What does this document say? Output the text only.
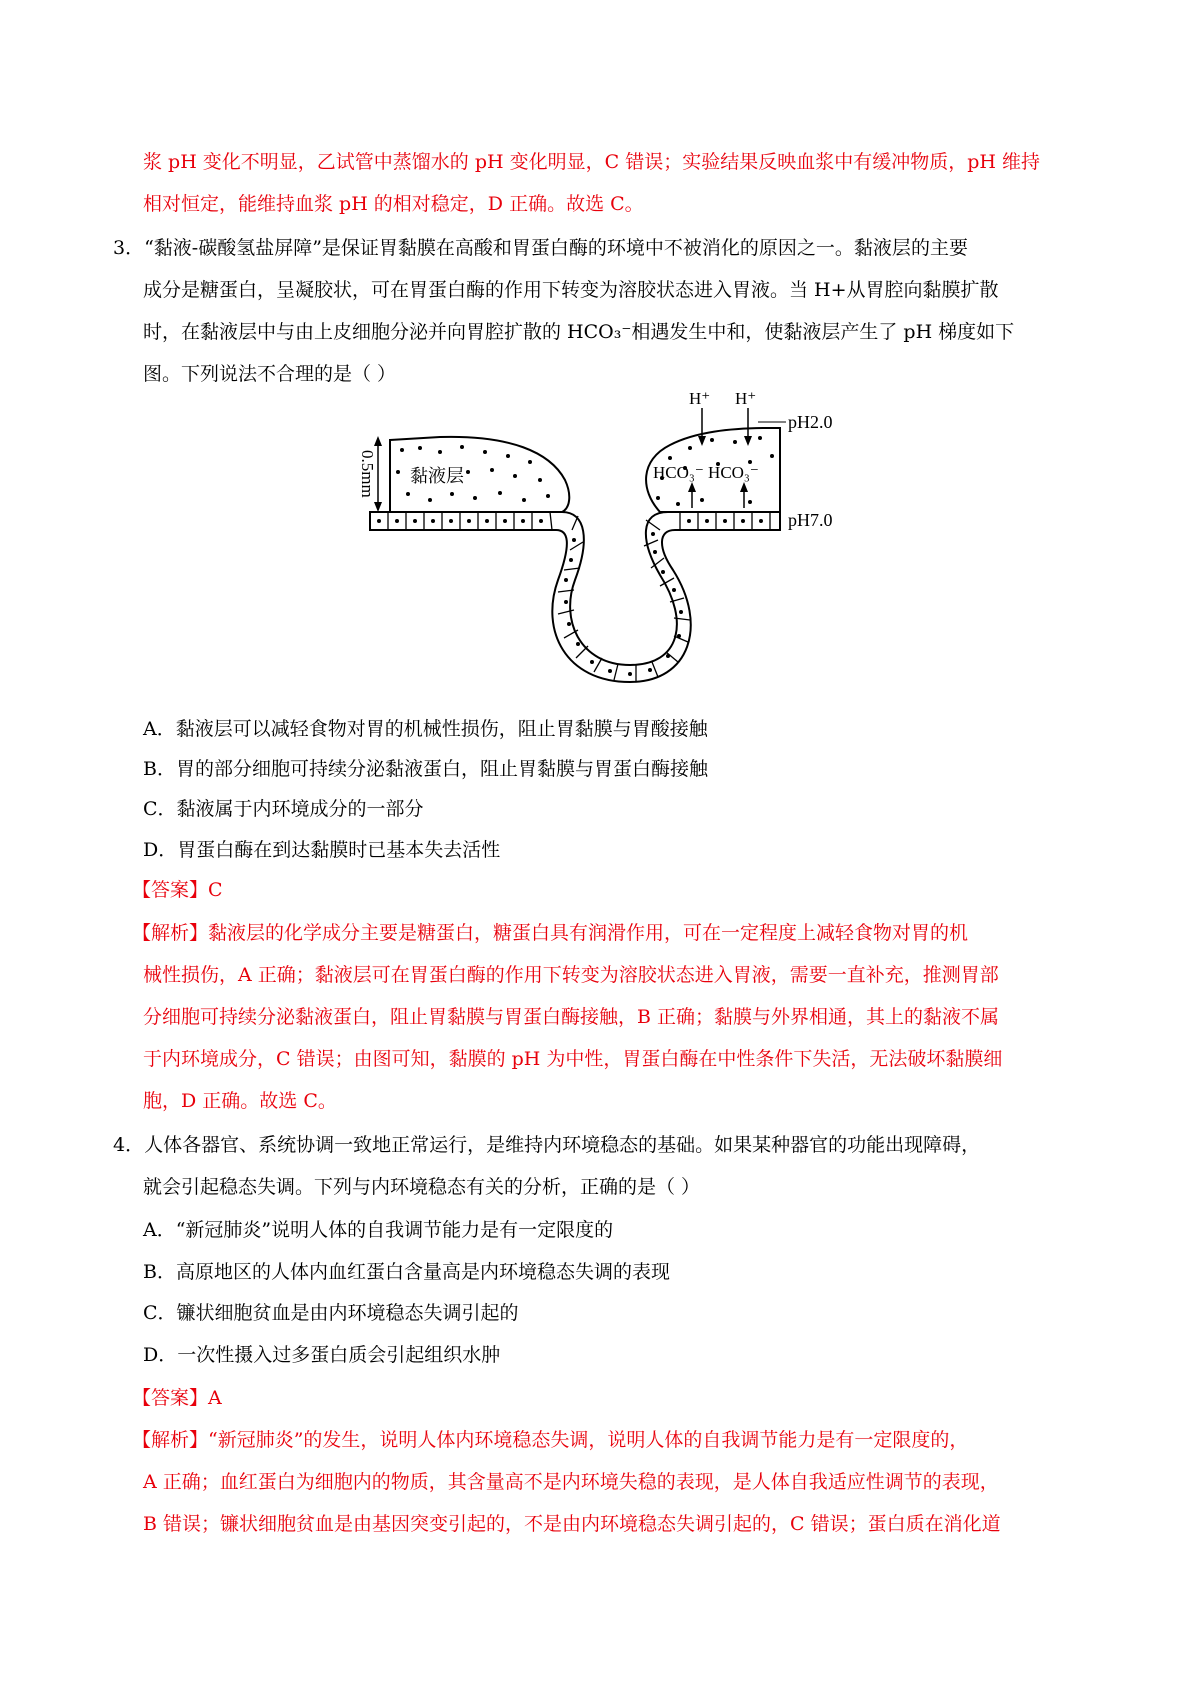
浆 pH 变化不明显，乙试管中蒸馏水的 pH 变化明显，C 错误；实验结果反映血浆中有缓冲物质，pH 维持
相对恒定，能维持血浆 pH 的相对稳定，D 正确。故选 C。
3．“黏液-碳酸氢盐屏障”是保证胃黏膜在高酸和胃蛋白酶的环境中不被消化的原因之一。黏液层的主要
成分是糖蛋白，呈凝胶状，可在胃蛋白酶的作用下转变为溶胶状态进入胃液。当 H+从胃腔向黏膜扩散
时，在黏液层中与由上皮细胞分泌并向胃腔扩散的 HCO₃⁻相遇发生中和，使黏液层产生了 pH 梯度如下
图。下列说法不合理的是（ ）
0.5mm
H⁺ H⁺
黏液层	HCO₃⁻ HCO₃⁻
pH2.0
pH7.0
A．黏液层可以减轻食物对胃的机械性损伤，阻止胃黏膜与胃酸接触
B．胃的部分细胞可持续分泌黏液蛋白，阻止胃黏膜与胃蛋白酶接触
C．黏液属于内环境成分的一部分
D．胃蛋白酶在到达黏膜时已基本失去活性
【答案】C
【解析】黏液层的化学成分主要是糖蛋白，糖蛋白具有润滑作用，可在一定程度上减轻食物对胃的机
械性损伤，A 正确；黏液层可在胃蛋白酶的作用下转变为溶胶状态进入胃液，需要一直补充，推测胃部
分细胞可持续分泌黏液蛋白，阻止胃黏膜与胃蛋白酶接触，B 正确；黏膜与外界相通，其上的黏液不属
于内环境成分，C 错误；由图可知，黏膜的 pH 为中性，胃蛋白酶在中性条件下失活，无法破坏黏膜细
胞，D 正确。故选 C。
4．人体各器官、系统协调一致地正常运行，是维持内环境稳态的基础。如果某种器官的功能出现障碍，
就会引起稳态失调。下列与内环境稳态有关的分析，正确的是（ ）
A．“新冠肺炎”说明人体的自我调节能力是有一定限度的
B．高原地区的人体内血红蛋白含量高是内环境稳态失调的表现
C．镰状细胞贫血是由内环境稳态失调引起的
D．一次性摄入过多蛋白质会引起组织水肿
【答案】A
【解析】“新冠肺炎”的发生，说明人体内环境稳态失调，说明人体的自我调节能力是有一定限度的，
A 正确；血红蛋白为细胞内的物质，其含量高不是内环境失稳的表现，是人体自我适应性调节的表现，
B 错误；镰状细胞贫血是由基因突变引起的，不是由内环境稳态失调引起的，C 错误；蛋白质在消化道
